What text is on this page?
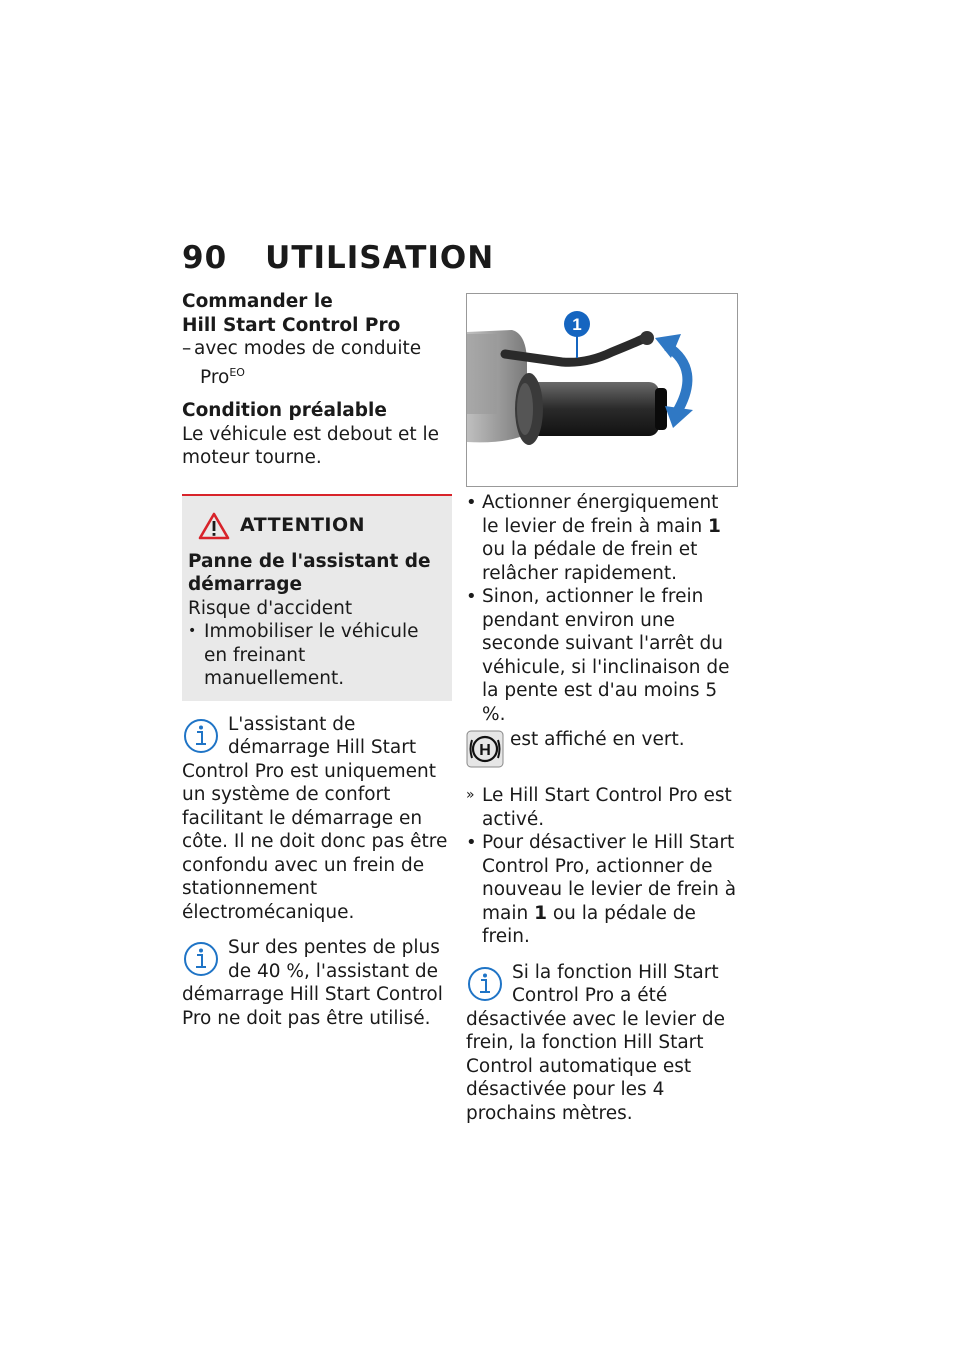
90 UTILISATION
Commander le
Hill Start Control Pro
– avec modes de conduite
Pro$^{EO}$
Condition préalable

Le véhicule est debout et le moteur tourne.

ATTENTION
Panne de l'assistant de démarrage
Risque d'accident
• Immobiliser le véhicule en freinant manuellement.
L'assistant de démarrage Hill Start Control Pro est uniquement un système de confort facilitant le démarrage en côte. Il ne doit donc pas être confondu avec un frein de stationnement électromécanique.
Sur des pentes de plus de 40 %, l'assistant de démarrage Hill Start Control Pro ne doit pas être utilisé.
1
• Actionner énergiquement le levier de frein à main 1 ou la pédale de frein et relâcher rapidement.
• Sinon, actionner le frein pendant environ une seconde suivant l'arrêt du véhicule, si l'inclinaison de la pente est d'au moins 5 %.
H
est affiché en vert.
» Le Hill Start Control Pro est activé.
• Pour désactiver le Hill Start Control Pro, actionner de nouveau le levier de frein à main 1 ou la pédale de frein.
Si la fonction Hill Start Control Pro a été désactivée avec le levier de frein, la fonction Hill Start Control automatique est désactivée pour les 4 prochains mètres.
